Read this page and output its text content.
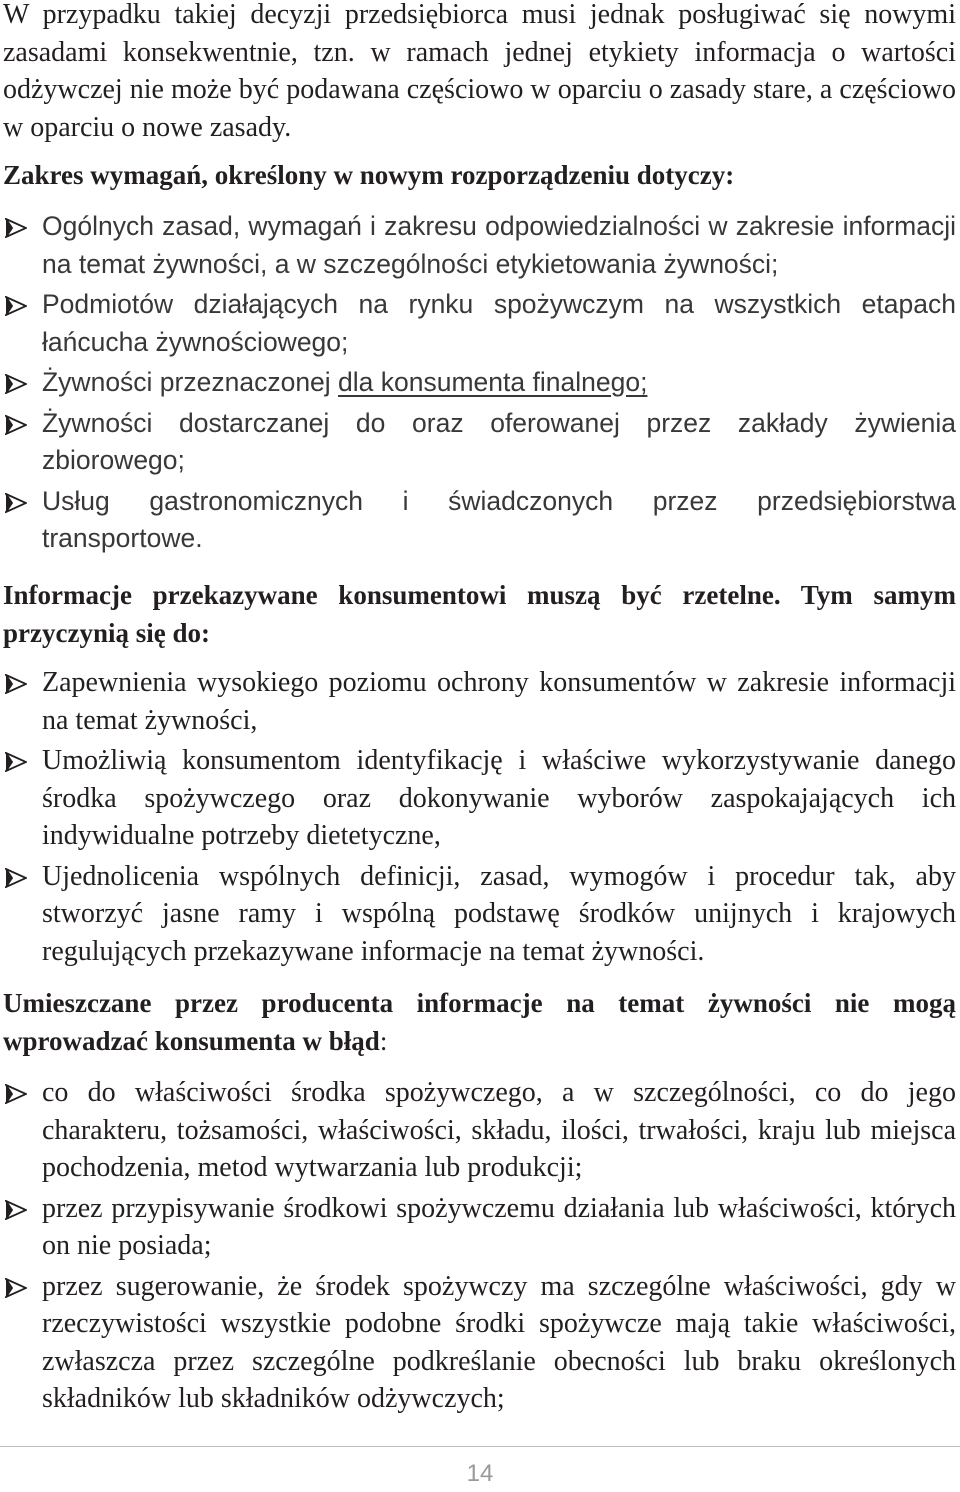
W przypadku takiej decyzji przedsiębiorca musi jednak posługiwać się nowymi zasadami konsekwentnie, tzn. w ramach jednej etykiety informacja o wartości odżywczej nie może być podawana częściowo w oparciu o zasady stare, a częściowo w oparciu o nowe zasady.

Zakres wymagań, określony w nowym rozporządzeniu dotyczy:

Ogólnych zasad, wymagań i zakresu odpowiedzialności w zakresie informacji na temat żywności, a w szczególności etykietowania żywności;
Podmiotów działających na rynku spożywczym na wszystkich etapach łańcucha żywnościowego;
Żywności przeznaczonej dla konsumenta finalnego;
Żywności dostarczanej do oraz oferowanej przez zakłady żywienia zbiorowego;
Usług gastronomicznych i świadczonych przez przedsiębiorstwa transportowe.

Informacje przekazywane konsumentowi muszą być rzetelne. Tym samym przyczynią się do:

Zapewnienia wysokiego poziomu ochrony konsumentów w zakresie informacji na temat żywności,
Umożliwią konsumentom identyfikację i właściwe wykorzystywanie danego środka spożywczego oraz dokonywanie wyborów zaspokajających ich indywidualne potrzeby dietetyczne,
Ujednolicenia wspólnych definicji, zasad, wymogów i procedur tak, aby stworzyć jasne ramy i wspólną podstawę środków unijnych i krajowych regulujących przekazywane informacje na temat żywności.

Umieszczane przez producenta informacje na temat żywności nie mogą wprowadzać konsumenta w błąd:

co do właściwości środka spożywczego, a w szczególności, co do jego charakteru, tożsamości, właściwości, składu, ilości, trwałości, kraju lub miejsca pochodzenia, metod wytwarzania lub produkcji;
przez przypisywanie środkowi spożywczemu działania lub właściwości, których on nie posiada;
przez sugerowanie, że środek spożywczy ma szczególne właściwości, gdy w rzeczywistości wszystkie podobne środki spożywcze mają takie właściwości, zwłaszcza przez szczególne podkreślanie obecności lub braku określonych składników lub składników odżywczych;
14
